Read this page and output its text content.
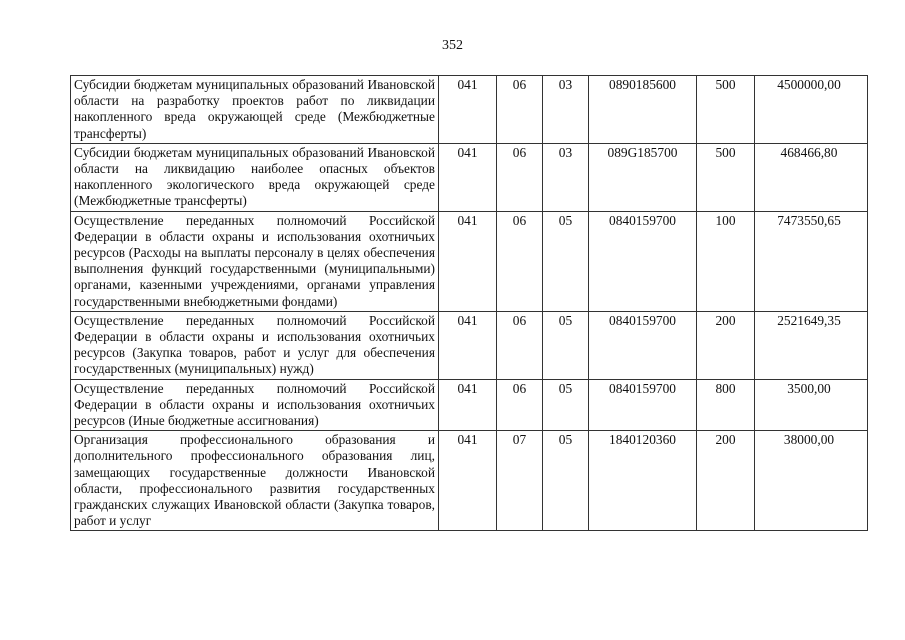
352
Субсидии бюджетам муниципальных образований Ивановской области на разработку проектов работ по ликвидации накопленного вреда окружающей среде (Межбюджетные трансферты)	041	06	03	0890185600	500	4500000,00
Субсидии бюджетам муниципальных образований Ивановской области на ликвидацию наиболее опасных объектов накопленного экологического вреда окружающей среде (Межбюджетные трансферты)	041	06	03	089G185700	500	468466,80
Осуществление переданных полномочий Российской Федерации в области охраны и использования охотничьих ресурсов (Расходы на выплаты персоналу в целях обеспечения выполнения функций государственными (муниципальными) органами, казенными учреждениями, органами управления государственными внебюджетными фондами)	041	06	05	0840159700	100	7473550,65
Осуществление переданных полномочий Российской Федерации в области охраны и использования охотничьих ресурсов (Закупка товаров, работ и услуг для обеспечения государственных (муниципальных) нужд)	041	06	05	0840159700	200	2521649,35
Осуществление переданных полномочий Российской Федерации в области охраны и использования охотничьих ресурсов (Иные бюджетные ассигнования)	041	06	05	0840159700	800	3500,00
Организация профессионального образования и дополнительного профессионального образования лиц, замещающих государственные должности Ивановской области, профессионального развития государственных гражданских служащих Ивановской области (Закупка товаров, работ и услуг	041	07	05	1840120360	200	38000,00
